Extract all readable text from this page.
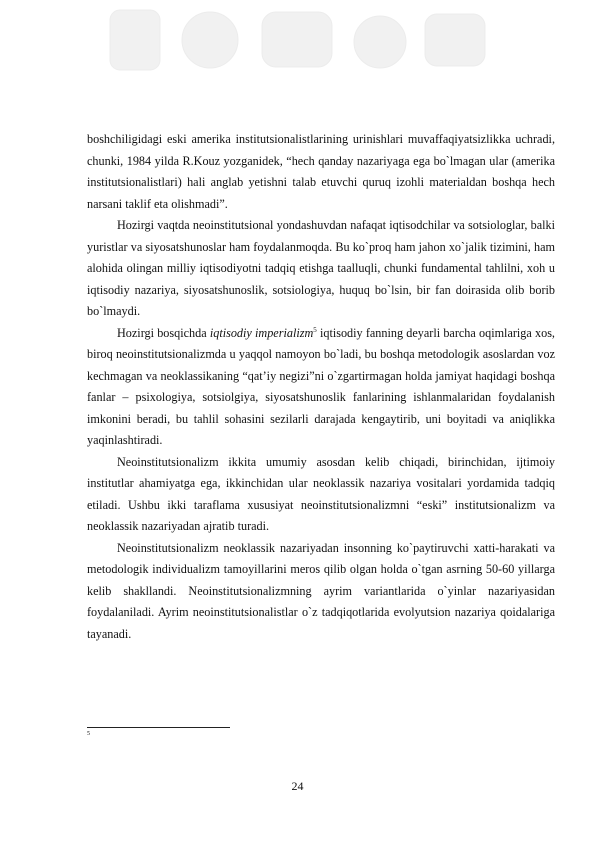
boshchiligidagi eski amerika institutsionalistlarining urinishlari muvaffaqiyatsizlikka uchradi, chunki, 1984 yilda R.Kouz yozganidek, “hech qanday nazariyaga ega bo`lmagan ular (amerika institutsionalistlari) hali anglab yetishni talab etuvchi quruq izohli materialdan boshqa hech narsani taklif eta olishmadi”.

Hozirgi vaqtda neoinstitutsional yondashuvdan nafaqat iqtisodchilar va sotsiologlar, balki yuristlar va siyosatshunoslar ham foydalanmoqda. Bu ko`proq ham jahon xo`jalik tizimini, ham alohida olingan milliy iqtisodiyotni tadqiq etishga taalluqli, chunki fundamental tahlilni, xoh u iqtisodiy nazariya, siyosatshunoslik, sotsiologiya, huquq bo`lsin, bir fan doirasida olib borib bo`lmaydi.

Hozirgi bosqichda iqtisodiy imperializm$^5$ iqtisodiy fanning deyarli barcha oqimlariga xos, biroq neoinstitutsionalizmda u yaqqol namoyon bo`ladi, bu boshqa metodologik asoslardan voz kechmagan va neoklassikaning “qat’iy negizi”ni o`zgartirmagan holda jamiyat haqidagi boshqa fanlar – psixologiya, sotsiolgiya, siyosatshunoslik fanlarining ishlanmalaridan foydalanish imkonini beradi, bu tahlil sohasini sezilarli darajada kengaytirib, uni boyitadi va aniqlikka yaqinlashtiradi.

Neoinstitutsionalizm ikkita umumiy asosdan kelib chiqadi, birinchidan, ijtimoiy institutlar ahamiyatga ega, ikkinchidan ular neoklassik nazariya vositalari yordamida tadqiq etiladi. Ushbu ikki taraflama xususiyat neoinstitutsionalizmni “eski” institutsionalizm va neoklassik nazariyadan ajratib turadi.

Neoinstitutsionalizm neoklassik nazariyadan insonning ko`paytiruvchi xatti-harakati va metodologik individualizm tamoyillarini meros qilib olgan holda o`tgan asrning 50-60 yillarga kelib shakllandi. Neoinstitutsionalizmning ayrim variantlarida o`yinlar nazariyasidan foydalaniladi. Ayrim neoinstitutsionalistlar o`z tadqiqotlarida evolyutsion nazariya qoidalariga tayanadi.

5
24
